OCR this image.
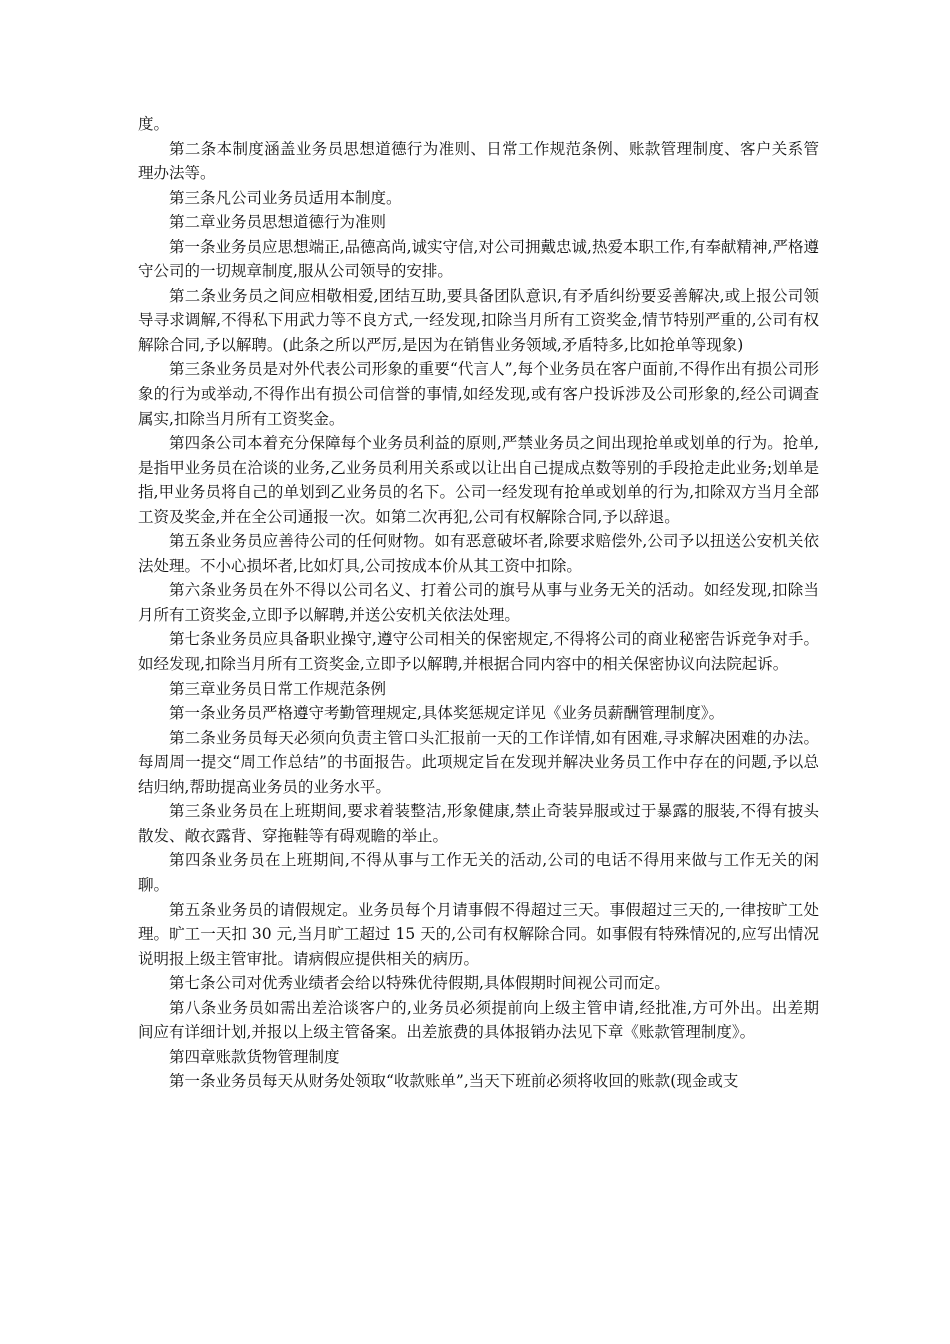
度。

第二条本制度涵盖业务员思想道德行为准则、日常工作规范条例、账款管理制度、客户关系管理办法等。

第三条凡公司业务员适用本制度。

第二章业务员思想道德行为准则

第一条业务员应思想端正,品德高尚,诚实守信,对公司拥戴忠诚,热爱本职工作,有奉献精神,严格遵守公司的一切规章制度,服从公司领导的安排。

第二条业务员之间应相敬相爱,团结互助,要具备团队意识,有矛盾纠纷要妥善解决,或上报公司领导寻求调解,不得私下用武力等不良方式,一经发现,扣除当月所有工资奖金,情节特别严重的,公司有权解除合同,予以解聘。(此条之所以严厉,是因为在销售业务领域,矛盾特多,比如抢单等现象)

第三条业务员是对外代表公司形象的重要“代言人”,每个业务员在客户面前,不得作出有损公司形象的行为或举动,不得作出有损公司信誉的事情,如经发现,或有客户投诉涉及公司形象的,经公司调查属实,扣除当月所有工资奖金。

第四条公司本着充分保障每个业务员利益的原则,严禁业务员之间出现抢单或划单的行为。抢单,是指甲业务员在洽谈的业务,乙业务员利用关系或以让出自己提成点数等别的手段抢走此业务;划单是指,甲业务员将自己的单划到乙业务员的名下。公司一经发现有抢单或划单的行为,扣除双方当月全部工资及奖金,并在全公司通报一次。如第二次再犯,公司有权解除合同,予以辞退。

第五条业务员应善待公司的任何财物。如有恶意破坏者,除要求赔偿外,公司予以扭送公安机关依法处理。不小心损坏者,比如灯具,公司按成本价从其工资中扣除。

第六条业务员在外不得以公司名义、打着公司的旗号从事与业务无关的活动。如经发现,扣除当月所有工资奖金,立即予以解聘,并送公安机关依法处理。

第七条业务员应具备职业操守,遵守公司相关的保密规定,不得将公司的商业秘密告诉竞争对手。如经发现,扣除当月所有工资奖金,立即予以解聘,并根据合同内容中的相关保密协议向法院起诉。

第三章业务员日常工作规范条例

第一条业务员严格遵守考勤管理规定,具体奖惩规定详见《业务员薪酬管理制度》。

第二条业务员每天必须向负责主管口头汇报前一天的工作详情,如有困难,寻求解决困难的办法。每周周一提交“周工作总结”的书面报告。此项规定旨在发现并解决业务员工作中存在的问题,予以总结归纳,帮助提高业务员的业务水平。

第三条业务员在上班期间,要求着装整洁,形象健康,禁止奇装异服或过于暴露的服装,不得有披头散发、敞衣露背、穿拖鞋等有碍观瞻的举止。

第四条业务员在上班期间,不得从事与工作无关的活动,公司的电话不得用来做与工作无关的闲聊。

第五条业务员的请假规定。业务员每个月请事假不得超过三天。事假超过三天的,一律按旷工处理。旷工一天扣 30 元,当月旷工超过 15 天的,公司有权解除合同。如事假有特殊情况的,应写出情况说明报上级主管审批。请病假应提供相关的病历。

第七条公司对优秀业绩者会给以特殊优待假期,具体假期时间视公司而定。

第八条业务员如需出差洽谈客户的,业务员必须提前向上级主管申请,经批准,方可外出。出差期间应有详细计划,并报以上级主管备案。出差旅费的具体报销办法见下章《账款管理制度》。

第四章账款货物管理制度

第一条业务员每天从财务处领取“收款账单”,当天下班前必须将收回的账款(现金或支
